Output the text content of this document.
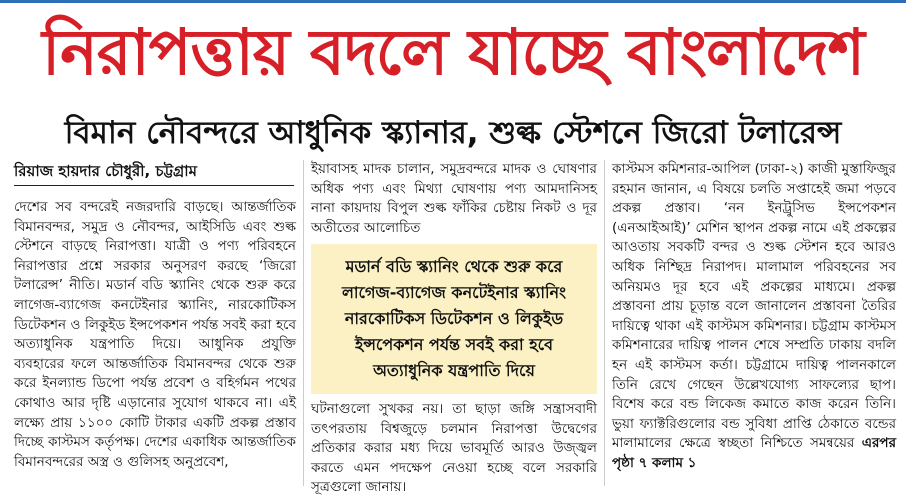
নিরাপত্তায় বদলে যাচ্ছে বাংলাদেশ
বিমান নৌবন্দরে আধুনিক স্ক্যানার, শুল্ক স্টেশনে জিরো টলারেন্স
রিয়াজ হায়দার চৌধুরী, চট্টগ্রাম
দেশের সব বন্দরেই নজরদারি বাড়ছে। আন্তর্জাতিক বিমানবন্দর, সমুদ্র ও নৌবন্দর, আইসিডি এবং শুল্ক স্টেশনে বাড়ছে নিরাপত্তা। যাত্রী ও পণ্য পরিবহনে নিরাপত্তার প্রশ্নে সরকার অনুসরণ করছে ‘জিরো টলারেন্স’ নীতি। মডার্ন বডি স্ক্যানিং থেকে শুরু করে লাগেজ-ব্যাগেজ কনটেইনার স্ক্যানিং, নারকোটিকস ডিটেকশন ও লিকুইড ইন্সপেকশন পর্যন্ত সবই করা হবে অত্যাধুনিক যন্ত্রপাতি দিয়ে। আধুনিক প্রযুক্তি ব্যবহারের ফলে আন্তর্জাতিক বিমানবন্দর থেকে শুরু করে ইনল্যান্ড ডিপো পর্যন্ত প্রবেশ ও বহির্গমন পথের কোথাও আর দৃষ্টি এড়ানোর সুযোগ থাকবে না। এই লক্ষ্যে প্রায় ১১০০ কোটি টাকার একটি প্রকল্প প্রস্তাব দিচ্ছে কাস্টমস কর্তৃপক্ষ। দেশের একাধিক আন্তর্জাতিক বিমানবন্দরের অস্ত্র ও গুলিসহ অনুপ্রবেশ,
ইয়াবাসহ মাদক চালান, সমুদ্রবন্দরে মাদক ও ঘোষণার অধিক পণ্য এবং মিথ্যা ঘোষণায় পণ্য আমদানিসহ নানা কায়দায় বিপুল শুল্ক ফাঁকির চেষ্টায় নিকট ও দূর অতীতের আলোচিত
মডার্ন বডি স্ক্যানিং থেকে শুরু করে লাগেজ-ব্যাগেজ কনটেইনার স্ক্যানিং নারকোটিকস ডিটেকশন ও লিকুইড ইন্সপেকশন পর্যন্ত সবই করা হবে অত্যাধুনিক যন্ত্রপাতি দিয়ে
ঘটনাগুলো সুখকর নয়। তা ছাড়া জঙ্গি সন্ত্রাসবাদী তৎপরতায় বিশ্বজুড়ে চলমান নিরাপত্তা উদ্বেগের প্রতিকার করার মধ্য দিয়ে ভাবমূর্তি আরও উজ্জ্বল করতে এমন পদক্ষেপ নেওয়া হচ্ছে বলে সরকারি সূত্রগুলো জানায়।
কাস্টমস কমিশনার-আপিল (ঢাকা-২) কাজী মুস্তাফিজুর রহমান জানান, এ বিষয়ে চলতি সপ্তাহেই জমা পড়বে প্রকল্প প্রস্তাব। ‘নন ইনট্রুসিভ ইন্সপেকশন (এনআইআই)’ মেশিন স্থাপন প্রকল্প নামে এই প্রকল্পের আওতায় সবকটি বন্দর ও শুল্ক স্টেশন হবে আরও অধিক নিশ্ছিদ্র নিরাপদ। মালামাল পরিবহনের সব অনিয়মও দূর হবে এই প্রকল্পের মাধ্যমে। প্রকল্প প্রস্তাবনা প্রায় চূড়ান্ত বলে জানালেন প্রস্তাবনা তৈরির দায়িত্বে থাকা এই কাস্টমস কমিশনার। চট্টগ্রাম কাস্টমস কমিশনারের দায়িত্ব পালন শেষে সম্প্রতি ঢাকায় বদলি হন এই কাস্টমস কর্তা। চট্টগ্রামে দায়িত্ব পালনকালে তিনি রেখে গেছেন উল্লেখযোগ্য সাফল্যের ছাপ। বিশেষ করে বন্ড লিকেজ কমাতে কাজ করেন তিনি। ভুয়া ফ্যাক্টরিগুলোর বন্ড সুবিধা প্রাপ্তি ঠেকাতে বন্ডের মালামালের ক্ষেত্রে স্বচ্ছতা নিশ্চিতে সমন্বয়ের এরপর পৃষ্ঠা ৭ কলাম ১
